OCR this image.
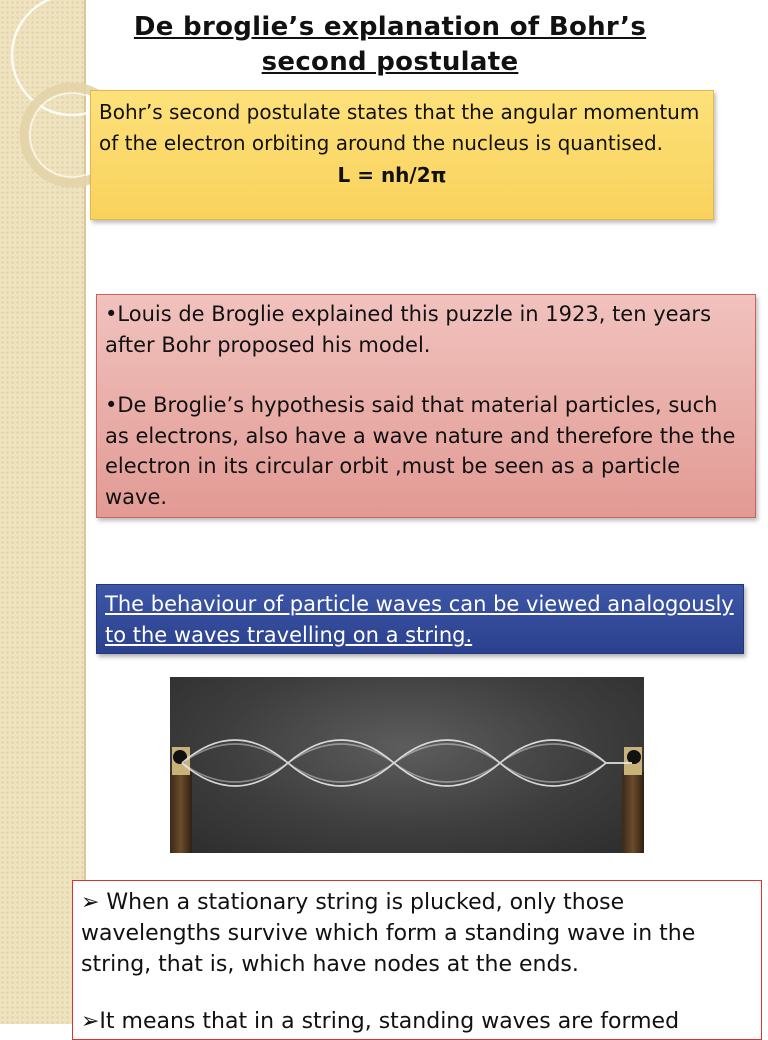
De broglie’s explanation of Bohr’s second postulate
Bohr’s second postulate states that the angular momentum of the electron orbiting around the nucleus is quantised.
L = nh/2π

•Louis de Broglie explained this puzzle in 1923, ten years after Bohr proposed his model.

•De Broglie’s hypothesis said that material particles, such as electrons, also have a wave nature and therefore the the electron in its circular orbit ,must be seen as a particle wave.

The behaviour of particle waves can be viewed analogously to the waves travelling on a string.

➢ When a stationary string is plucked, only those wavelengths survive which form a standing wave in the string, that is, which have nodes at the ends.

➢It means that in a string, standing waves are formed
